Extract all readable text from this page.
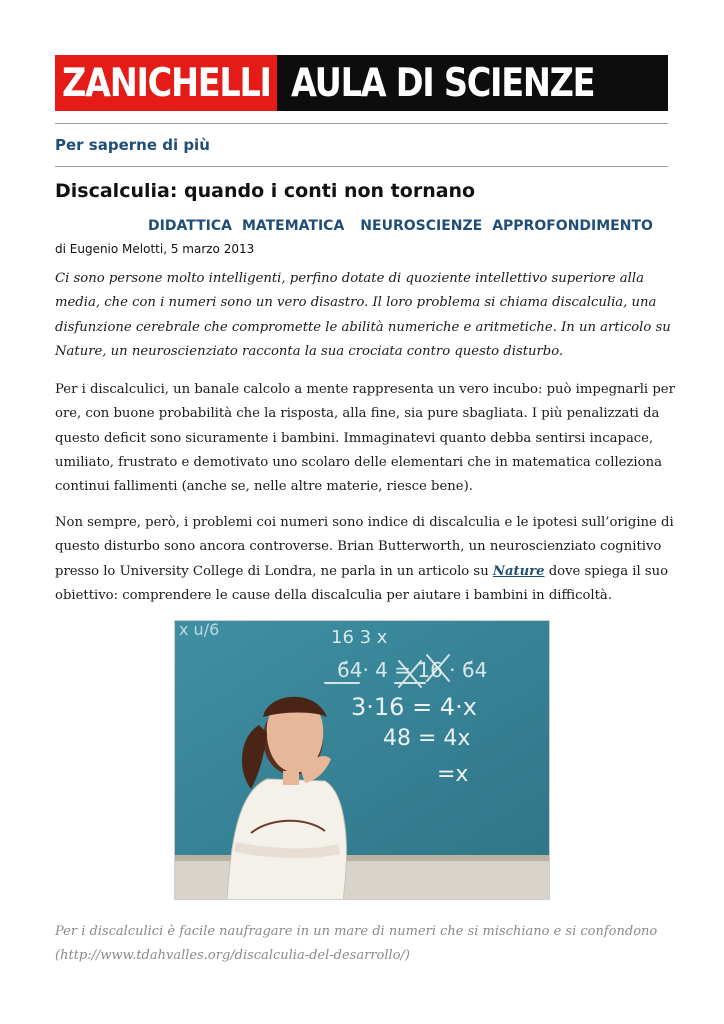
ZANICHELLI AULA DI SCIENZE
Per saperne di più
Discalculia: quando i conti non tornano
DIDATTICA MATEMATICA NEUROSCIENZE APPROFONDIMENTO
di Eugenio Melotti, 5 marzo 2013

Ci sono persone molto intelligenti, perfino dotate di quoziente intellettivo superiore alla media, che con i numeri sono un vero disastro. Il loro problema si chiama discalculia, una disfunzione cerebrale che compromette le abilità numeriche e aritmetiche. In un articolo su Nature, un neuroscienziato racconta la sua crociata contro questo disturbo.

Per i discalculici, un banale calcolo a mente rappresenta un vero incubo: può impegnarli per ore, con buone probabilità che la risposta, alla fine, sia pure sbagliata. I più penalizzati da questo deficit sono sicuramente i bambini. Immaginatevi quanto debba sentirsi incapace, umiliato, frustrato e demotivato uno scolaro delle elementari che in matematica colleziona continui fallimenti (anche se, nelle altre materie, riesce bene).

Non sempre, però, i problemi coi numeri sono indice di discalculia e le ipotesi sull’origine di questo disturbo sono ancora controverse. Brian Butterworth, un neuroscienziato cognitivo presso lo University College di Londra, ne parla in un articolo su Nature dove spiega il suo obiettivo: comprendere le cause della discalculia per aiutare i bambini in difficoltà.

x u/6	16 3 x
6́4· 4 = 16 · 6́4
3·16 = 4·x
48 = 4x
=x

Per i discalculici è facile naufragare in un mare di numeri che si mischiano e si confondono (http://www.tdahvalles.org/discalculia-del-desarrollo/)
